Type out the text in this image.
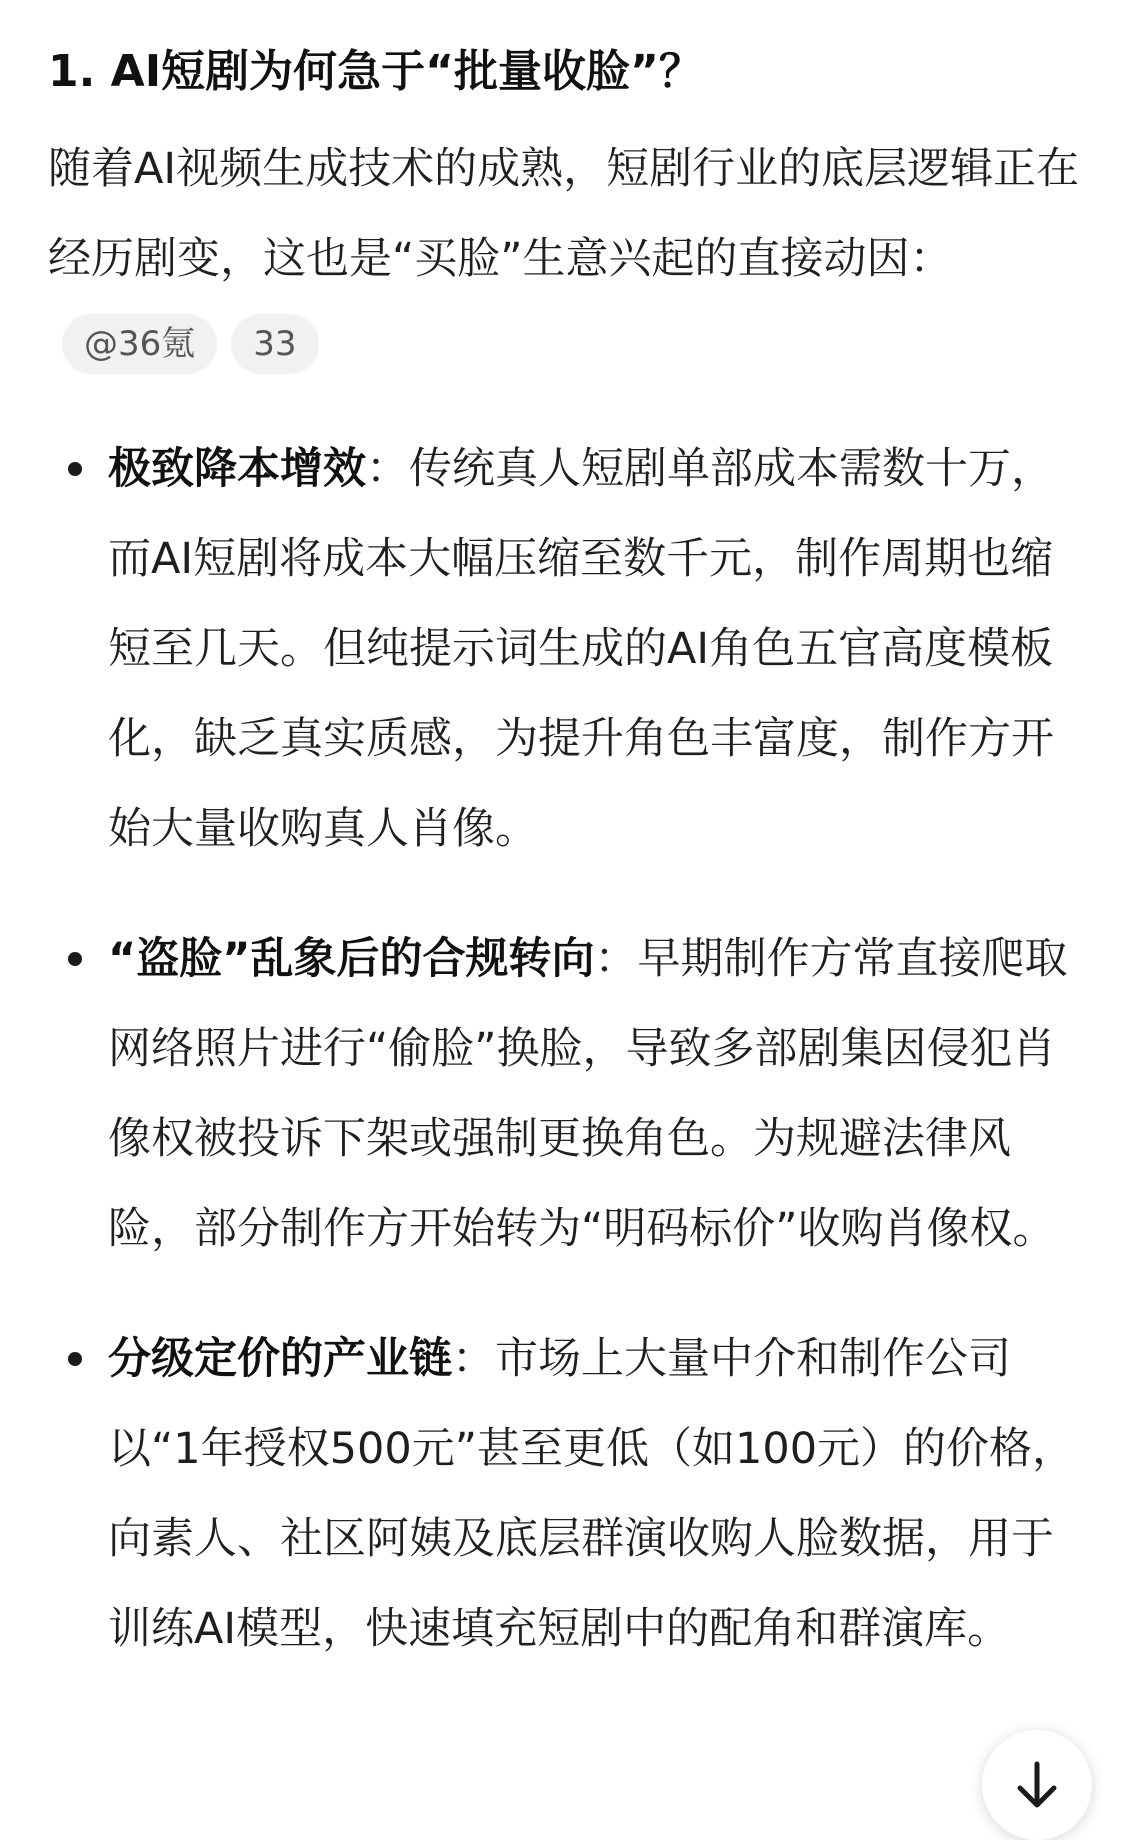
1. AI短剧为何急于“批量收脸”？

随着AI视频生成技术的成熟，短剧行业的底层逻辑正在经历剧变，这也是“买脸”生意兴起的直接动因：@36氪 33

极致降本增效：传统真人短剧单部成本需数十万，而AI短剧将成本大幅压缩至数千元，制作周期也缩短至几天。但纯提示词生成的AI角色五官高度模板化，缺乏真实质感，为提升角色丰富度，制作方开始大量收购真人肖像。
“盗脸”乱象后的合规转向：早期制作方常直接爬取网络照片进行“偷脸”换脸，导致多部剧集因侵犯肖像权被投诉下架或强制更换角色。为规避法律风险，部分制作方开始转为“明码标价”收购肖像权。
分级定价的产业链：市场上大量中介和制作公司以“1年授权500元”甚至更低（如100元）的价格，向素人、社区阿姨及底层群演收购人脸数据，用于训练AI模型，快速填充短剧中的配角和群演库。
